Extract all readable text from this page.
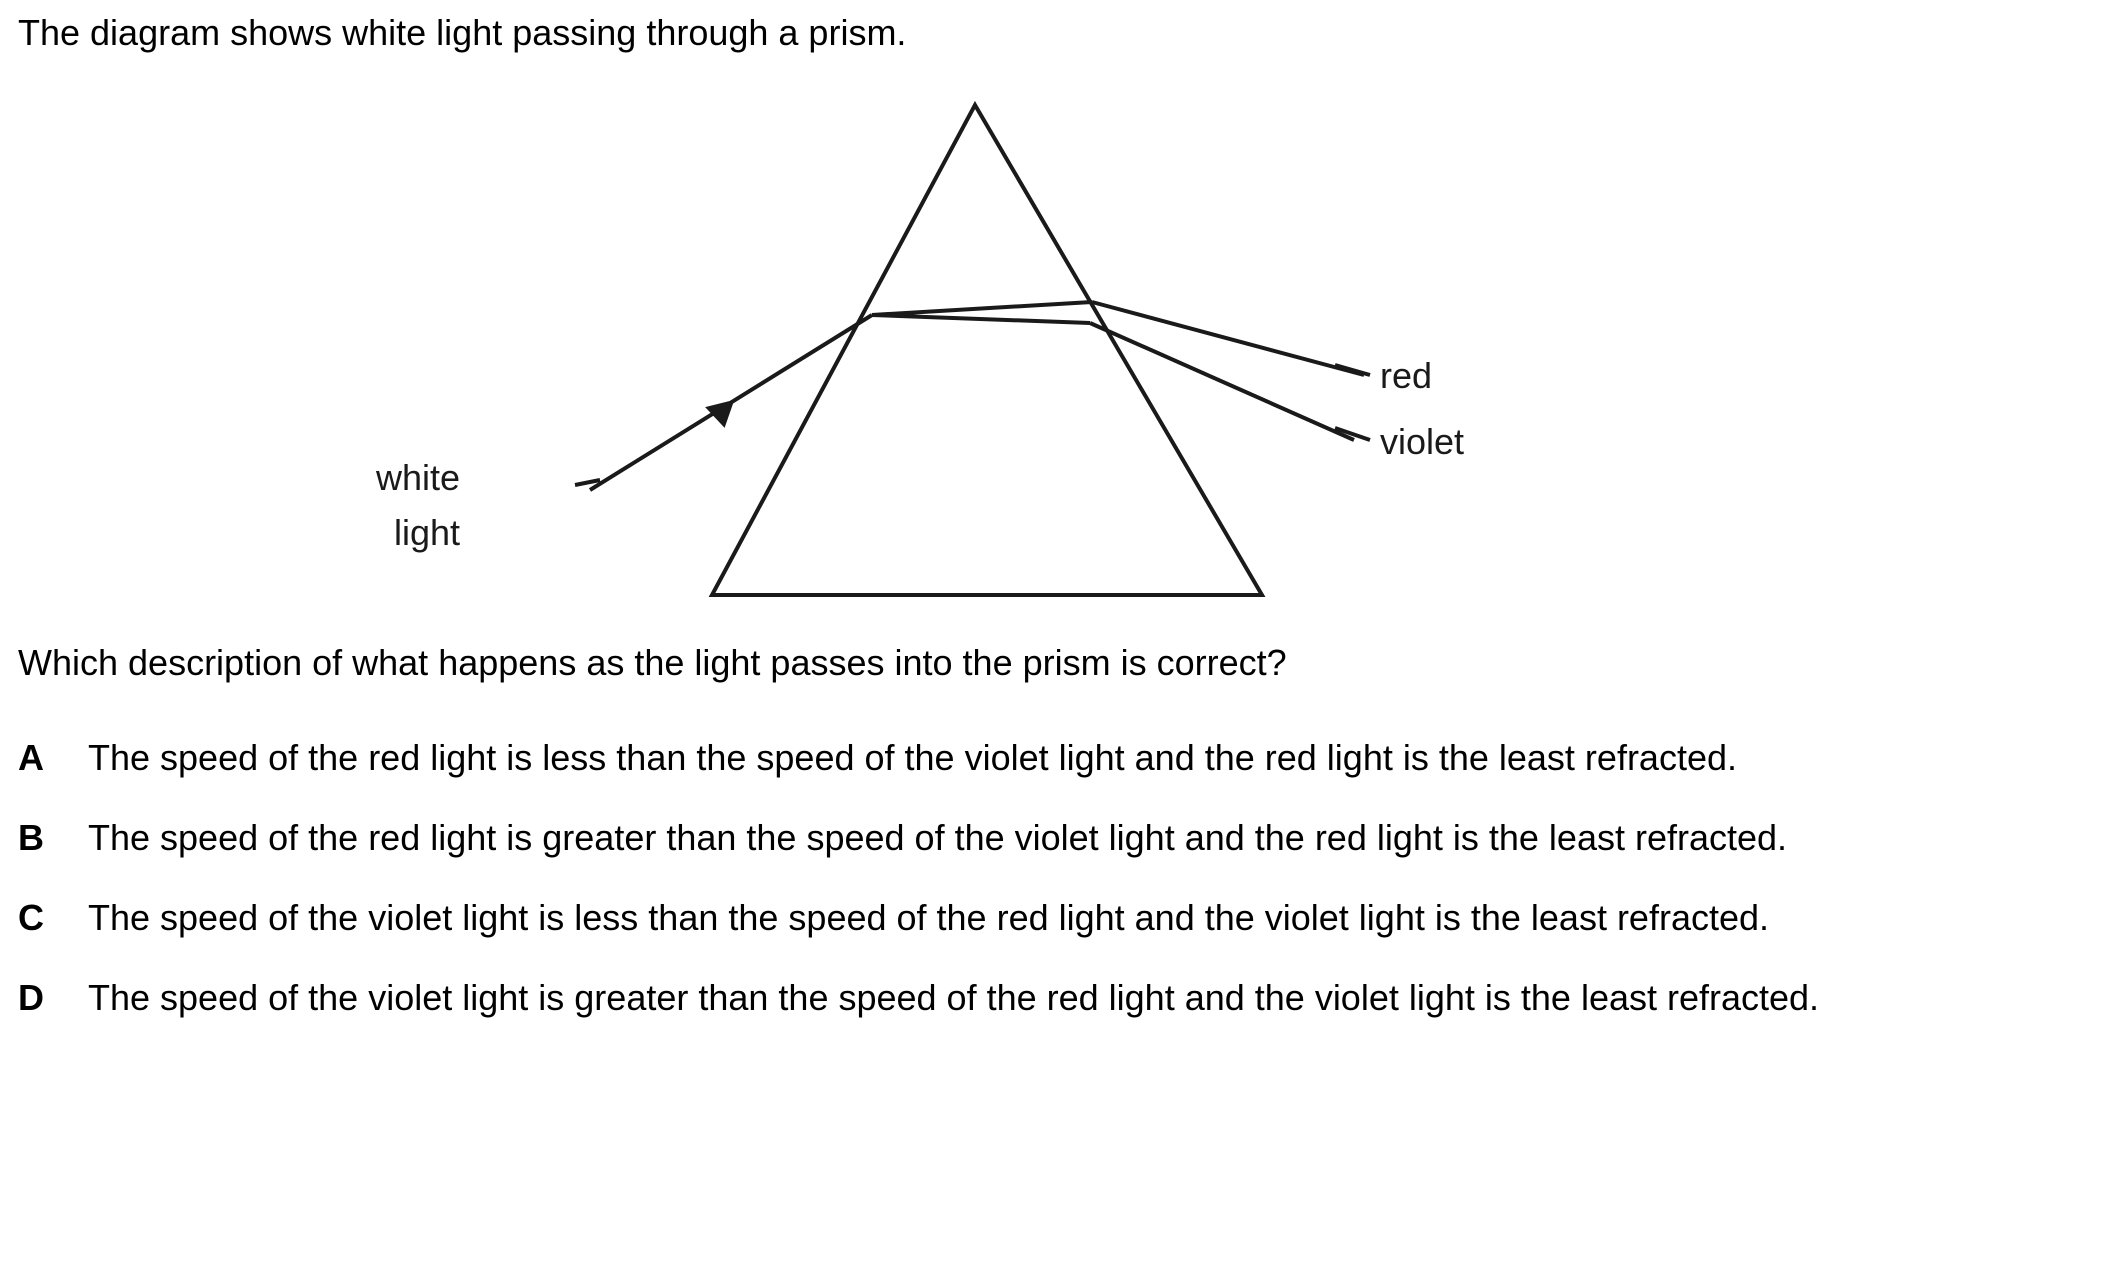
The diagram shows white light passing through a prism.
white
light
red
violet
Which description of what happens as the light passes into the prism is correct?
A	The speed of the red light is less than the speed of the violet light and the red light is the least refracted.
B	The speed of the red light is greater than the speed of the violet light and the red light is the least refracted.
C	The speed of the violet light is less than the speed of the red light and the violet light is the least refracted.
D	The speed of the violet light is greater than the speed of the red light and the violet light is the least refracted.
